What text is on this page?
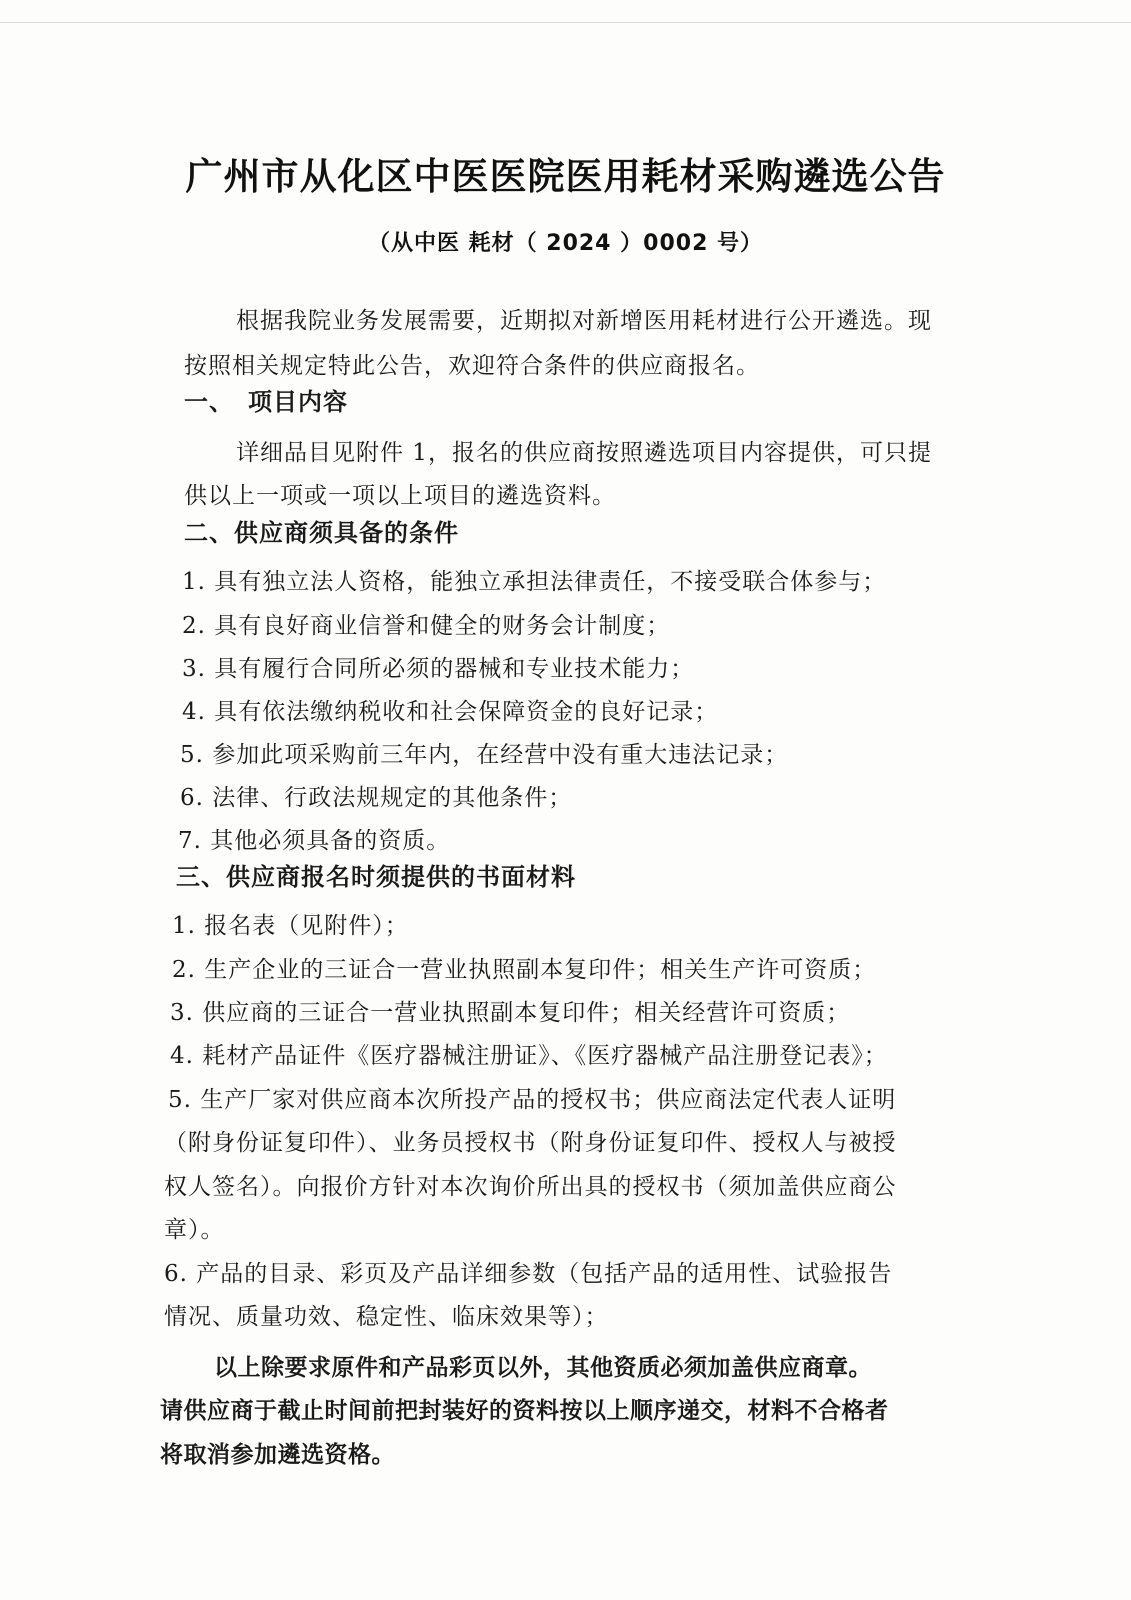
广州市从化区中医医院医用耗材采购遴选公告
（从中医 耗材（ 2024 ）0002 号）
根据我院业务发展需要，近期拟对新增医用耗材进行公开遴选。现
按照相关规定特此公告，欢迎符合条件的供应商报名。
一、 项目内容
详细品目见附件 1，报名的供应商按照遴选项目内容提供，可只提
供以上一项或一项以上项目的遴选资料。
二、供应商须具备的条件
1. 具有独立法人资格，能独立承担法律责任，不接受联合体参与；
2. 具有良好商业信誉和健全的财务会计制度；
3. 具有履行合同所必须的器械和专业技术能力；
4. 具有依法缴纳税收和社会保障资金的良好记录；
5. 参加此项采购前三年内，在经营中没有重大违法记录；
6. 法律、行政法规规定的其他条件；
7. 其他必须具备的资质。
三、供应商报名时须提供的书面材料
1. 报名表（见附件）；
2. 生产企业的三证合一营业执照副本复印件；相关生产许可资质；
3. 供应商的三证合一营业执照副本复印件；相关经营许可资质；
4. 耗材产品证件《医疗器械注册证》、《医疗器械产品注册登记表》；
5. 生产厂家对供应商本次所投产品的授权书；供应商法定代表人证明
（附身份证复印件）、业务员授权书（附身份证复印件、授权人与被授
权人签名）。向报价方针对本次询价所出具的授权书（须加盖供应商公
章）。
6. 产品的目录、彩页及产品详细参数（包括产品的适用性、试验报告
情况、质量功效、稳定性、临床效果等）；
以上除要求原件和产品彩页以外，其他资质必须加盖供应商章。
请供应商于截止时间前把封装好的资料按以上顺序递交，材料不合格者
将取消参加遴选资格。
